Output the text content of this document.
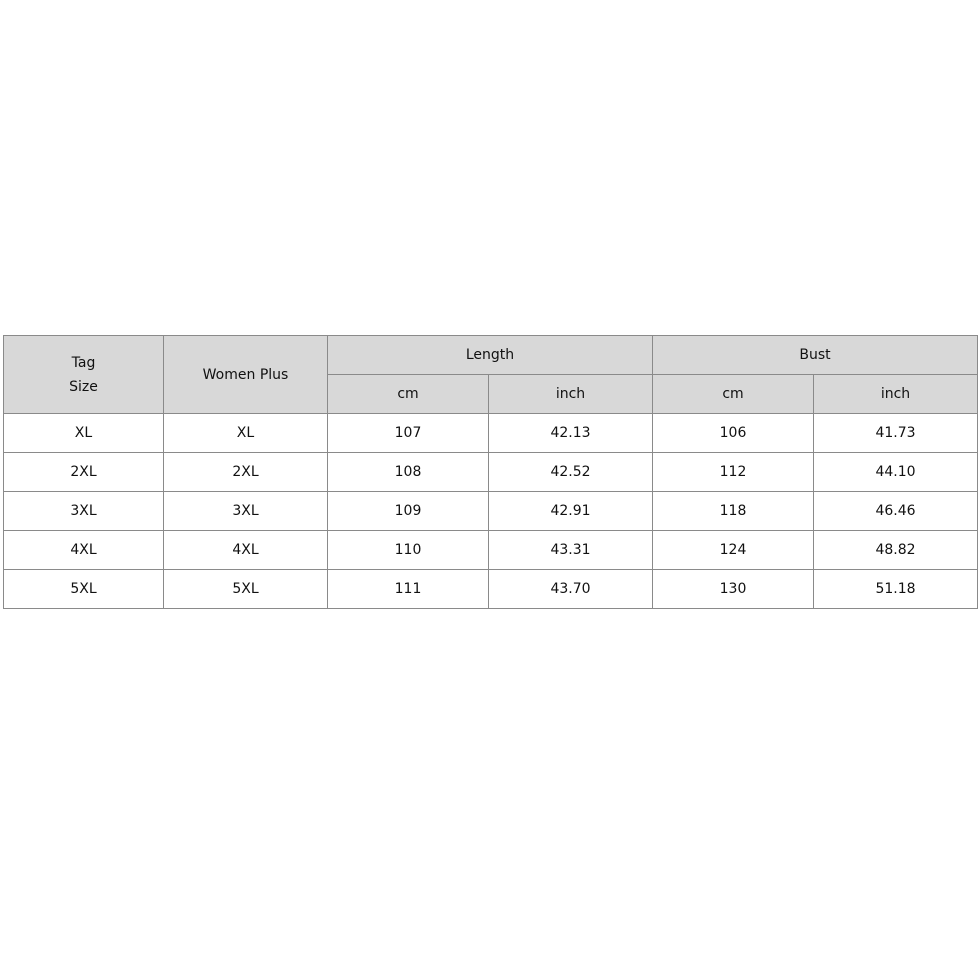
Tag
Size	Women Plus	Length		Bust	
		cm	inch	cm	inch
XL	XL	107	42.13	106	41.73
2XL	2XL	108	42.52	112	44.10
3XL	3XL	109	42.91	118	46.46
4XL	4XL	110	43.31	124	48.82
5XL	5XL	111	43.70	130	51.18
